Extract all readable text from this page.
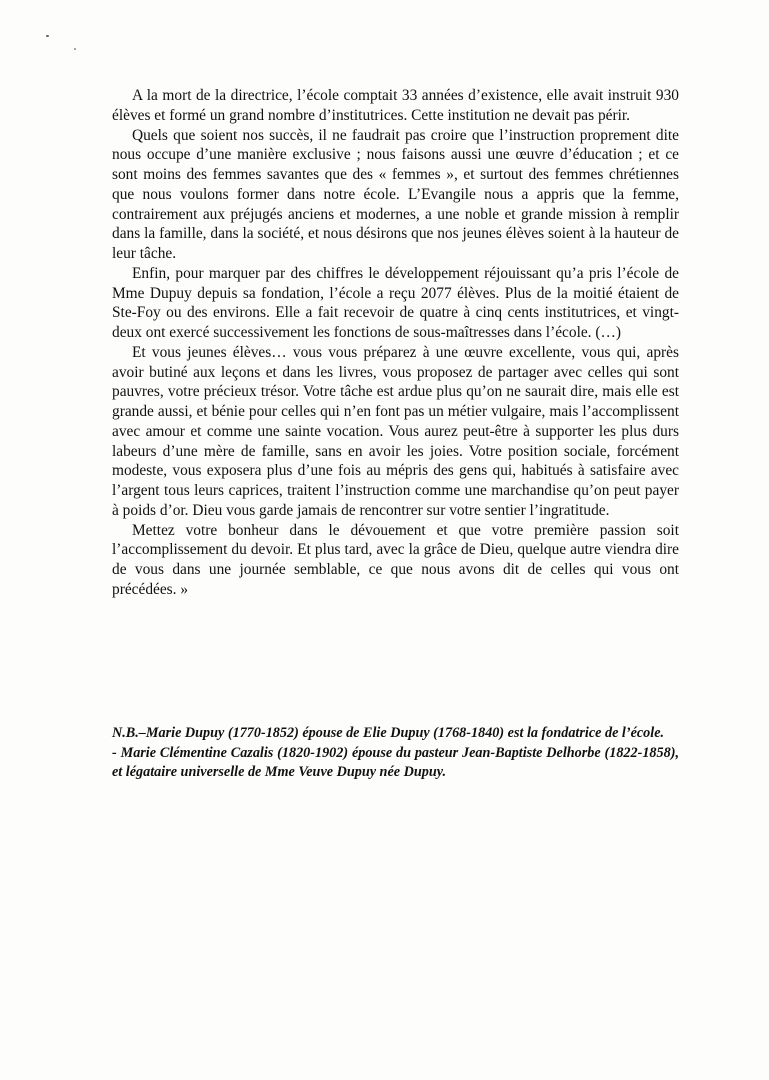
A la mort de la directrice, l’école comptait 33 années d’existence, elle avait instruit 930 élèves et formé un grand nombre d’institutrices. Cette institution ne devait pas périr.

Quels que soient nos succès, il ne faudrait pas croire que l’instruction proprement dite nous occupe d’une manière exclusive ; nous faisons aussi une œuvre d’éducation ; et ce sont moins des femmes savantes que des « femmes », et surtout des femmes chrétiennes que nous voulons former dans notre école. L’Evangile nous a appris que la femme, contrairement aux préjugés anciens et modernes, a une noble et grande mission à remplir dans la famille, dans la société, et nous désirons que nos jeunes élèves soient à la hauteur de leur tâche.

Enfin, pour marquer par des chiffres le développement réjouissant qu’a pris l’école de Mme Dupuy depuis sa fondation, l’école a reçu 2077 élèves. Plus de la moitié étaient de Ste-Foy ou des environs. Elle a fait recevoir de quatre à cinq cents institutrices, et vingt-deux ont exercé successivement les fonctions de sous-maîtresses dans l’école. (…)

Et vous jeunes élèves… vous vous préparez à une œuvre excellente, vous qui, après avoir butiné aux leçons et dans les livres, vous proposez de partager avec celles qui sont pauvres, votre précieux trésor. Votre tâche est ardue plus qu’on ne saurait dire, mais elle est grande aussi, et bénie pour celles qui n’en font pas un métier vulgaire, mais l’accomplissent avec amour et comme une sainte vocation. Vous aurez peut-être à supporter les plus durs labeurs d’une mère de famille, sans en avoir les joies. Votre position sociale, forcément modeste, vous exposera plus d’une fois au mépris des gens qui, habitués à satisfaire avec l’argent tous leurs caprices, traitent l’instruction comme une marchandise qu’on peut payer à poids d’or. Dieu vous garde jamais de rencontrer sur votre sentier l’ingratitude.

Mettez votre bonheur dans le dévouement et que votre première passion soit l’accomplissement du devoir. Et plus tard, avec la grâce de Dieu, quelque autre viendra dire de vous dans une journée semblable, ce que nous avons dit de celles qui vous ont précédées. »

N.B.–Marie Dupuy (1770-1852) épouse de Elie Dupuy (1768-1840) est la fondatrice de l’école.

- Marie Clémentine Cazalis (1820-1902) épouse du pasteur Jean-Baptiste Delhorbe (1822-1858), et légataire universelle de Mme Veuve Dupuy née Dupuy.
